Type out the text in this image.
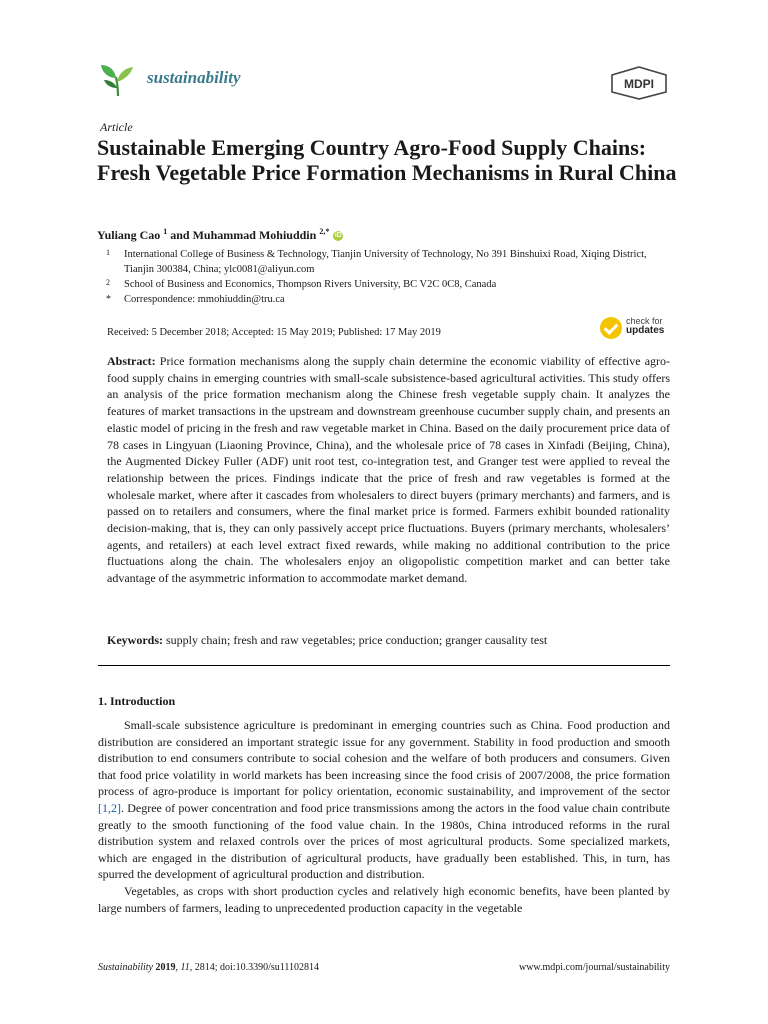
sustainability	MDPI
Article
Sustainable Emerging Country Agro-Food Supply Chains: Fresh Vegetable Price Formation Mechanisms in Rural China
Yuliang Cao $^1$ and Muhammad Mohiuddin $^{2,*}$ iD
1 International College of Business & Technology, Tianjin University of Technology, No 391 Binshuixi Road, Xiqing District, Tianjin 300384, China; ylc0081@aliyun.com
2 School of Business and Economics, Thompson Rivers University, BC V2C 0C8, Canada
* Correspondence: mmohiuddin@tru.ca
Received: 5 December 2018; Accepted: 15 May 2019; Published: 17 May 2019
check for
updates
Abstract: Price formation mechanisms along the supply chain determine the economic viability of effective agro-food supply chains in emerging countries with small-scale subsistence-based agricultural activities. This study offers an analysis of the price formation mechanism along the Chinese fresh vegetable supply chain. It analyzes the features of market transactions in the upstream and downstream greenhouse cucumber supply chain, and presents an elastic model of pricing in the fresh and raw vegetable market in China. Based on the daily procurement price data of 78 cases in Lingyuan (Liaoning Province, China), and the wholesale price of 78 cases in Xinfadi (Beijing, China), the Augmented Dickey Fuller (ADF) unit root test, co-integration test, and Granger test were applied to reveal the relationship between the prices. Findings indicate that the price of fresh and raw vegetables is formed at the wholesale market, where after it cascades from wholesalers to direct buyers (primary merchants) and farmers, and is passed on to retailers and consumers, where the final market price is formed. Farmers exhibit bounded rationality decision-making, that is, they can only passively accept price fluctuations. Buyers (primary merchants, wholesalers’ agents, and retailers) at each level extract fixed rewards, while making no additional contribution to the price fluctuations along the chain. The wholesalers enjoy an oligopolistic competition market and can better take advantage of the asymmetric information to accommodate market demand.
Keywords: supply chain; fresh and raw vegetables; price conduction; granger causality test
1. Introduction

Small-scale subsistence agriculture is predominant in emerging countries such as China. Food production and distribution are considered an important strategic issue for any government. Stability in food production and smooth distribution to end consumers contribute to social cohesion and the welfare of both producers and consumers. Given that food price volatility in world markets has been increasing since the food crisis of 2007/2008, the price formation process of agro-produce is important for policy orientation, economic sustainability, and improvement of the sector [1,2]. Degree of power concentration and food price transmissions among the actors in the food value chain contribute greatly to the smooth functioning of the food value chain. In the 1980s, China introduced reforms in the rural distribution system and relaxed controls over the prices of most agricultural products. Some specialized markets, which are engaged in the distribution of agricultural products, have gradually been established. This, in turn, has spurred the development of agricultural production and distribution.

Vegetables, as crops with short production cycles and relatively high economic benefits, have been planted by large numbers of farmers, leading to unprecedented production capacity in the vegetable

Sustainability 2019, 11, 2814; doi:10.3390/su11102814	www.mdpi.com/journal/sustainability
